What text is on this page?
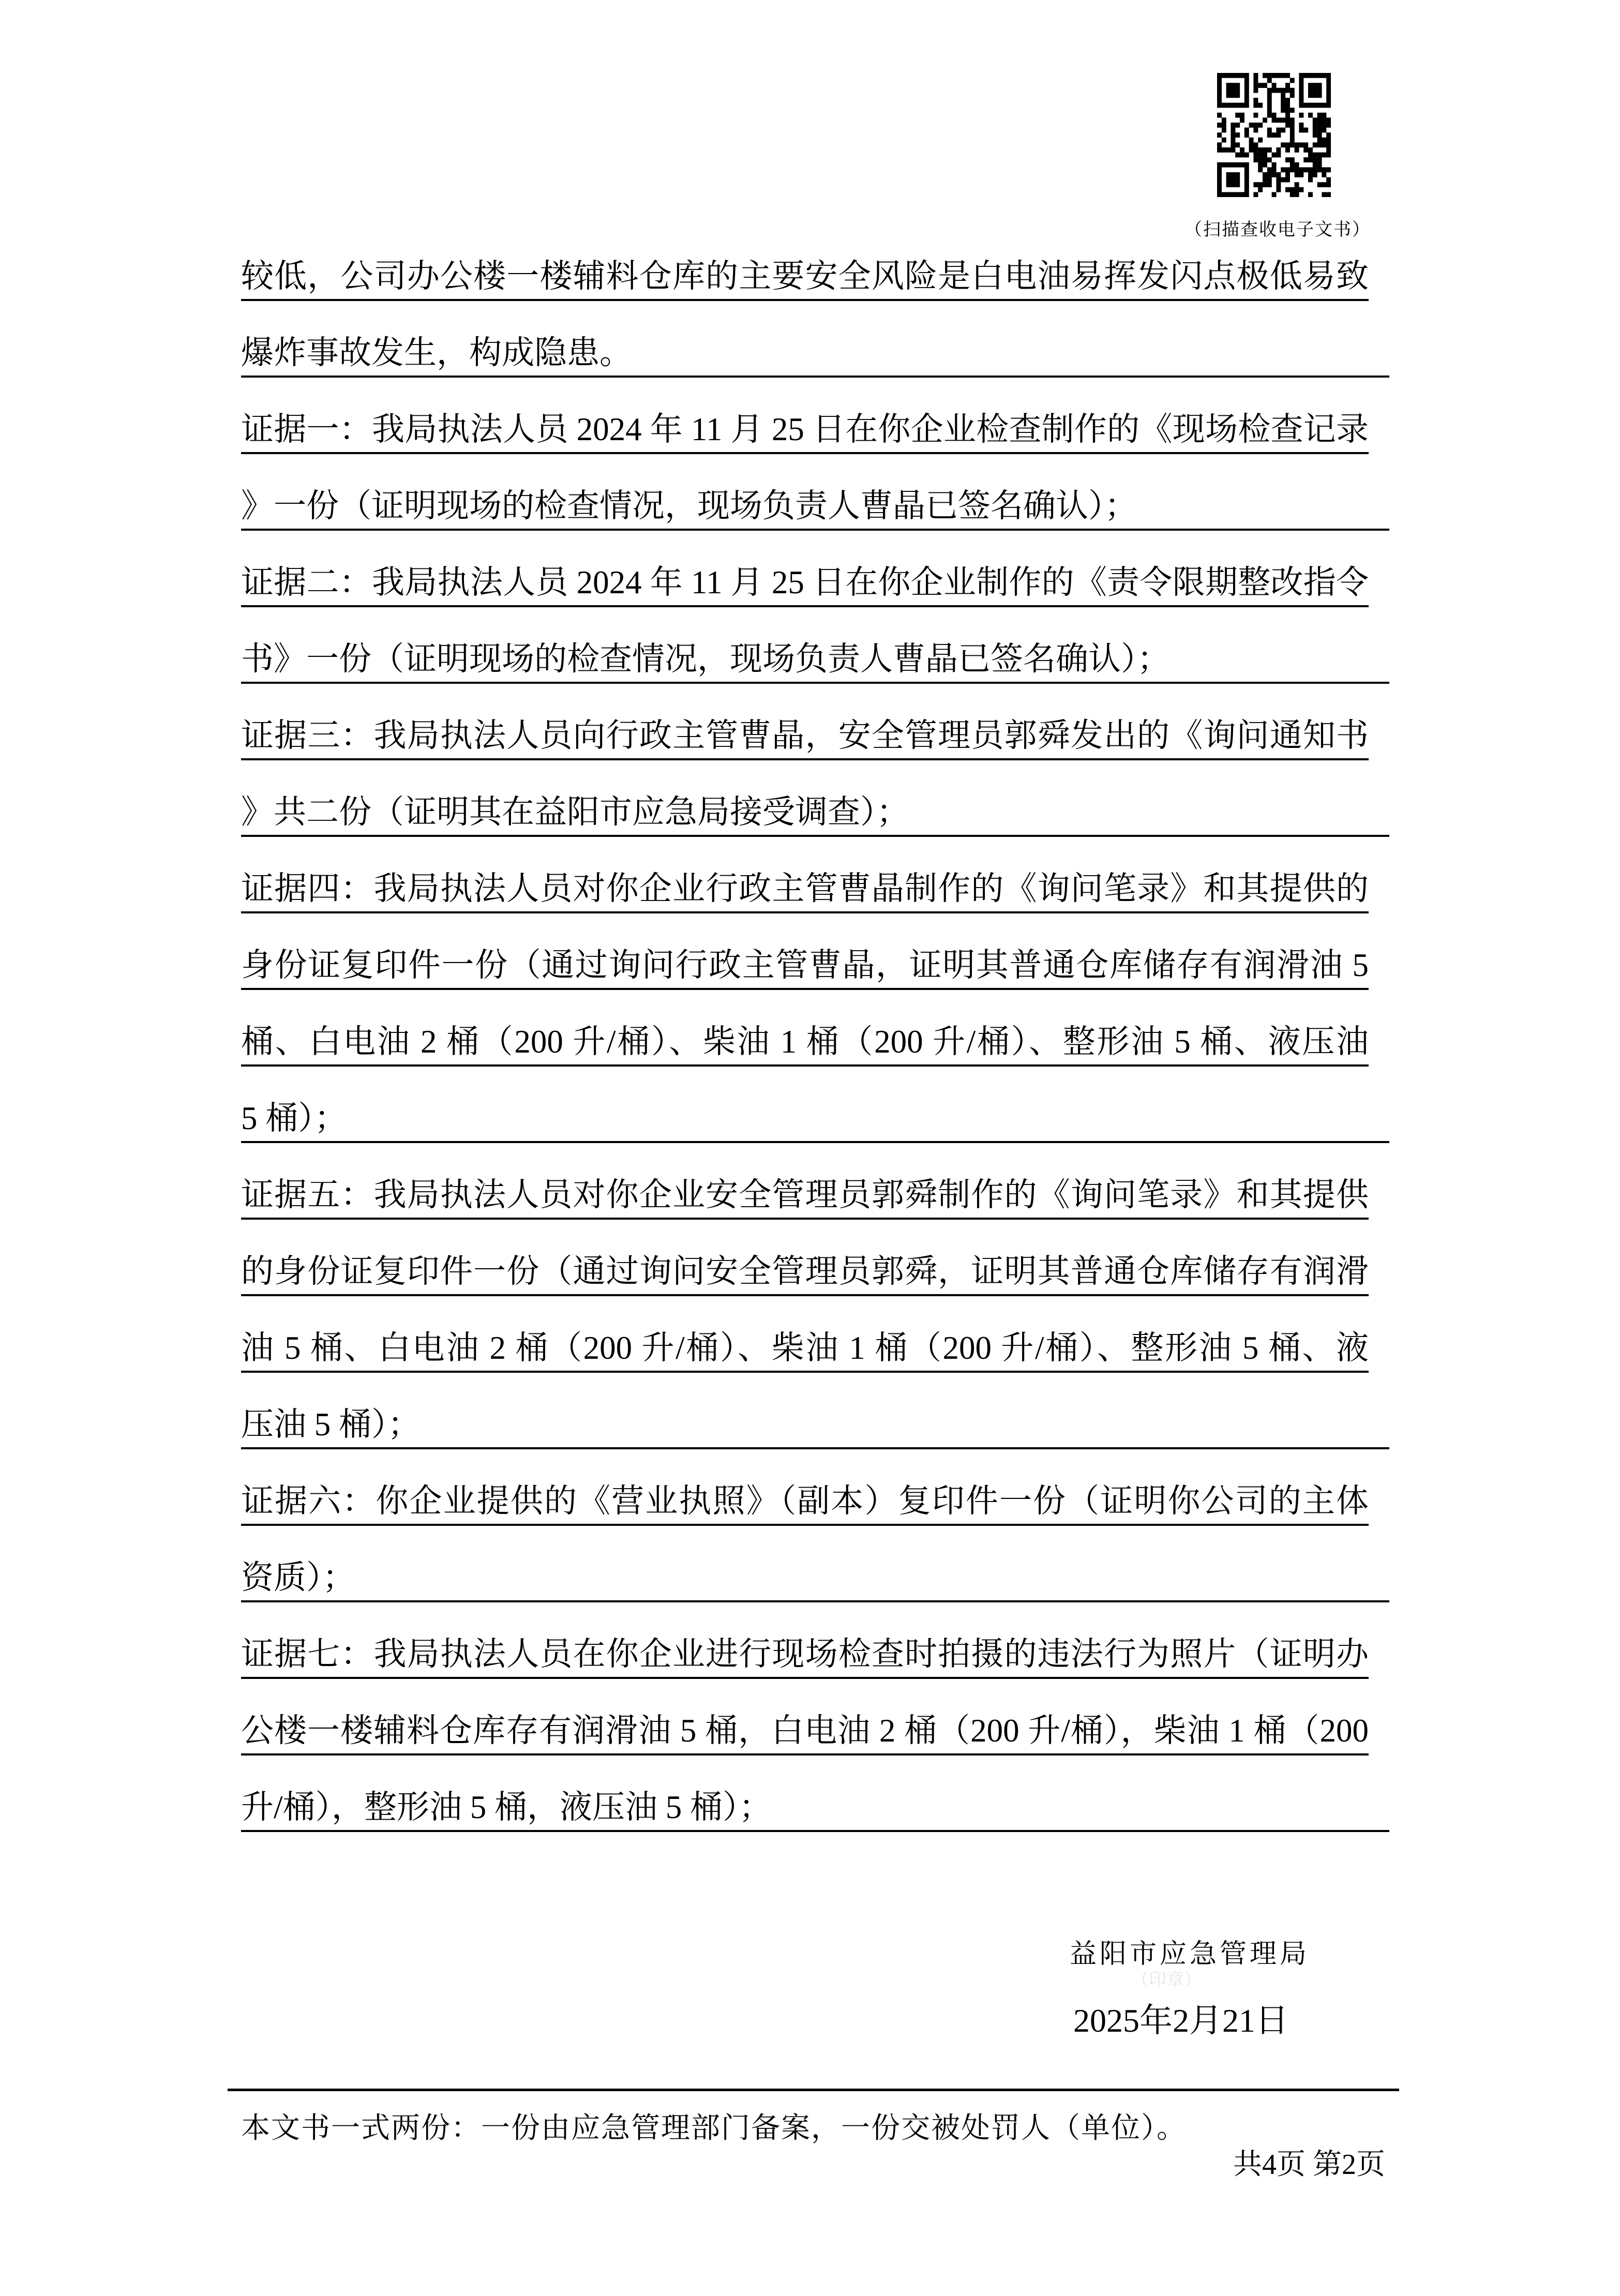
（扫描查收电子文书）
较低，公司办公楼一楼辅料仓库的主要安全风险是白电油易挥发闪点极低易致
爆炸事故发生，构成隐患。
证据一：我局执法人员 2024 年 11 月 25 日在你企业检查制作的《现场检查记录
》一份（证明现场的检查情况，现场负责人曹晶已签名确认）；
证据二：我局执法人员 2024 年 11 月 25 日在你企业制作的《责令限期整改指令
书》一份（证明现场的检查情况，现场负责人曹晶已签名确认）；
证据三：我局执法人员向行政主管曹晶，安全管理员郭舜发出的《询问通知书
》共二份（证明其在益阳市应急局接受调查）；
证据四：我局执法人员对你企业行政主管曹晶制作的《询问笔录》和其提供的
身份证复印件一份（通过询问行政主管曹晶，证明其普通仓库储存有润滑油 5
桶、白电油 2 桶（200 升/桶）、柴油 1 桶（200 升/桶）、整形油 5 桶、液压油
5 桶）；
证据五：我局执法人员对你企业安全管理员郭舜制作的《询问笔录》和其提供
的身份证复印件一份（通过询问安全管理员郭舜，证明其普通仓库储存有润滑
油 5 桶、白电油 2 桶（200 升/桶）、柴油 1 桶（200 升/桶）、整形油 5 桶、液
压油 5 桶）；
证据六：你企业提供的《营业执照》（副本）复印件一份（证明你公司的主体
资质）；
证据七：我局执法人员在你企业进行现场检查时拍摄的违法行为照片（证明办
公楼一楼辅料仓库存有润滑油 5 桶，白电油 2 桶（200 升/桶），柴油 1 桶（200
升/桶），整形油 5 桶，液压油 5 桶）；
益阳市应急管理局
（印章）
2025年2月21日
本文书一式两份：一份由应急管理部门备案，一份交被处罚人（单位）。
共4页 第2页
